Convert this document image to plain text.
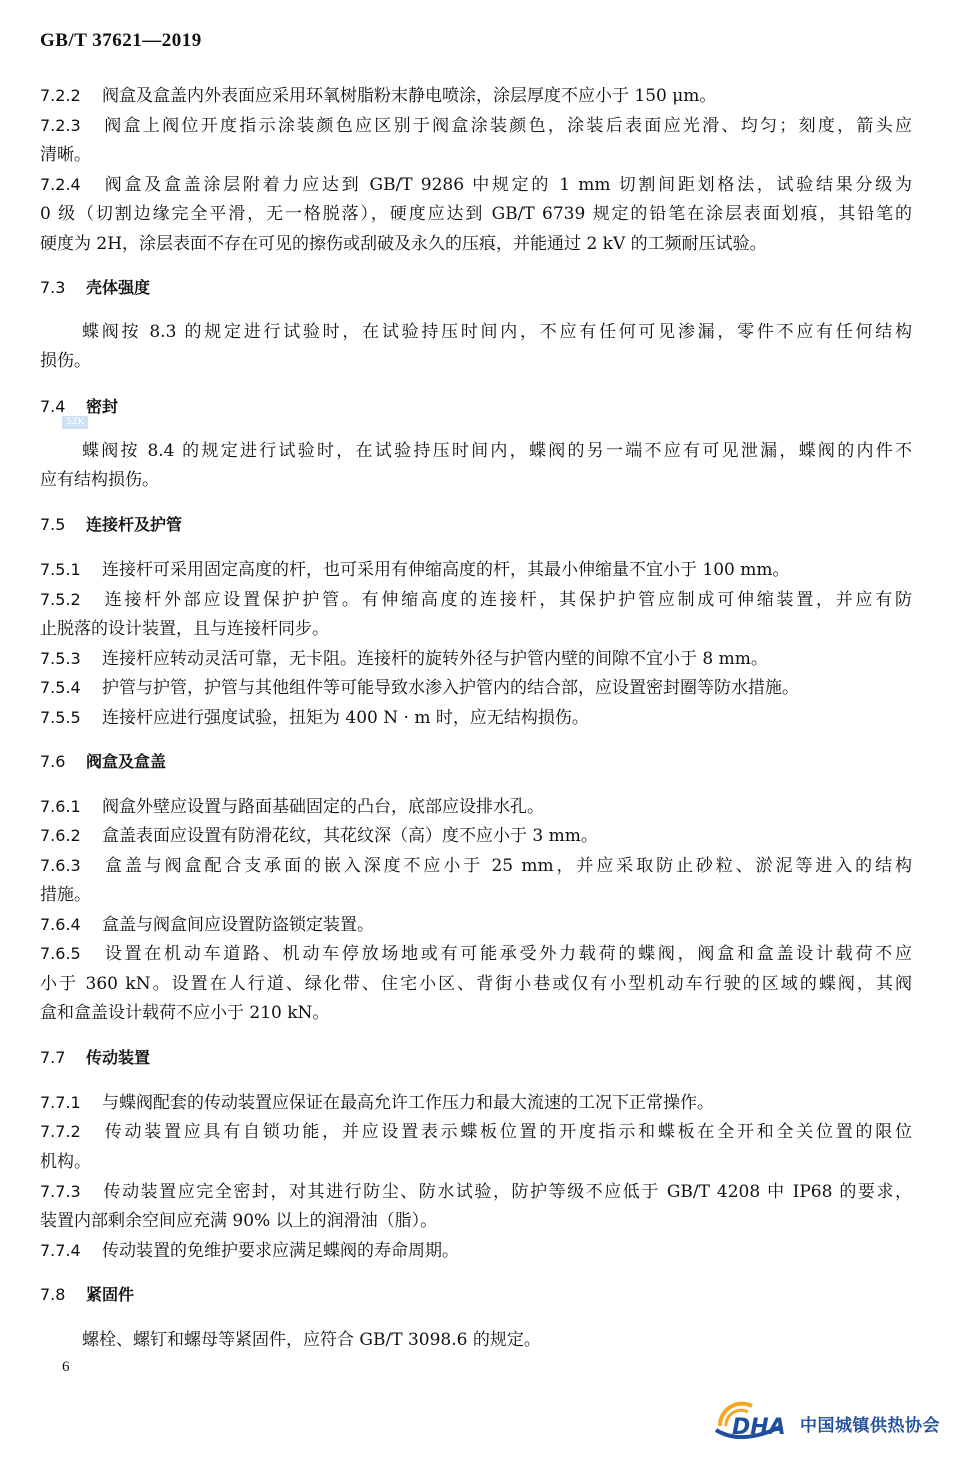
GB/T 37621—2019
7.2.2 阀盒及盒盖内外表面应采用环氧树脂粉末静电喷涂，涂层厚度不应小于 150 μm。
7.2.3 阀盒上阀位开度指示涂装颜色应区别于阀盒涂装颜色，涂装后表面应光滑、均匀；刻度，箭头应
清晰。
7.2.4 阀盒及盒盖涂层附着力应达到 GB/T 9286 中规定的 1 mm 切割间距划格法，试验结果分级为
0 级（切割边缘完全平滑，无一格脱落），硬度应达到 GB/T 6739 规定的铅笔在涂层表面划痕，其铅笔的
硬度为 2H，涂层表面不存在可见的擦伤或刮破及永久的压痕，并能通过 2 kV 的工频耐压试验。
7.3 壳体强度
蝶阀按 8.3 的规定进行试验时，在试验持压时间内，不应有任何可见渗漏，零件不应有任何结构
损伤。
7.4 密封
SZK
蝶阀按 8.4 的规定进行试验时，在试验持压时间内，蝶阀的另一端不应有可见泄漏，蝶阀的内件不
应有结构损伤。
7.5 连接杆及护管
7.5.1 连接杆可采用固定高度的杆，也可采用有伸缩高度的杆，其最小伸缩量不宜小于 100 mm。
7.5.2 连接杆外部应设置保护护管。有伸缩高度的连接杆，其保护护管应制成可伸缩装置，并应有防
止脱落的设计装置，且与连接杆同步。
7.5.3 连接杆应转动灵活可靠，无卡阻。连接杆的旋转外径与护管内壁的间隙不宜小于 8 mm。
7.5.4 护管与护管，护管与其他组件等可能导致水渗入护管内的结合部，应设置密封圈等防水措施。
7.5.5 连接杆应进行强度试验，扭矩为 400 N · m 时，应无结构损伤。
7.6 阀盒及盒盖
7.6.1 阀盒外壁应设置与路面基础固定的凸台，底部应设排水孔。
7.6.2 盒盖表面应设置有防滑花纹，其花纹深（高）度不应小于 3 mm。
7.6.3 盒盖与阀盒配合支承面的嵌入深度不应小于 25 mm，并应采取防止砂粒、淤泥等进入的结构
措施。
7.6.4 盒盖与阀盒间应设置防盗锁定装置。
7.6.5 设置在机动车道路、机动车停放场地或有可能承受外力载荷的蝶阀，阀盒和盒盖设计载荷不应
小于 360 kN。设置在人行道、绿化带、住宅小区、背街小巷或仅有小型机动车行驶的区域的蝶阀，其阀
盒和盒盖设计载荷不应小于 210 kN。
7.7 传动装置
7.7.1 与蝶阀配套的传动装置应保证在最高允许工作压力和最大流速的工况下正常操作。
7.7.2 传动装置应具有自锁功能，并应设置表示蝶板位置的开度指示和蝶板在全开和全关位置的限位
机构。
7.7.3 传动装置应完全密封，对其进行防尘、防水试验，防护等级不应低于 GB/T 4208 中 IP68 的要求，
装置内部剩余空间应充满 90% 以上的润滑油（脂）。
7.7.4 传动装置的免维护要求应满足蝶阀的寿命周期。
7.8 紧固件
螺栓、螺钉和螺母等紧固件，应符合 GB/T 3098.6 的规定。
6
DHA 中国城镇供热协会
